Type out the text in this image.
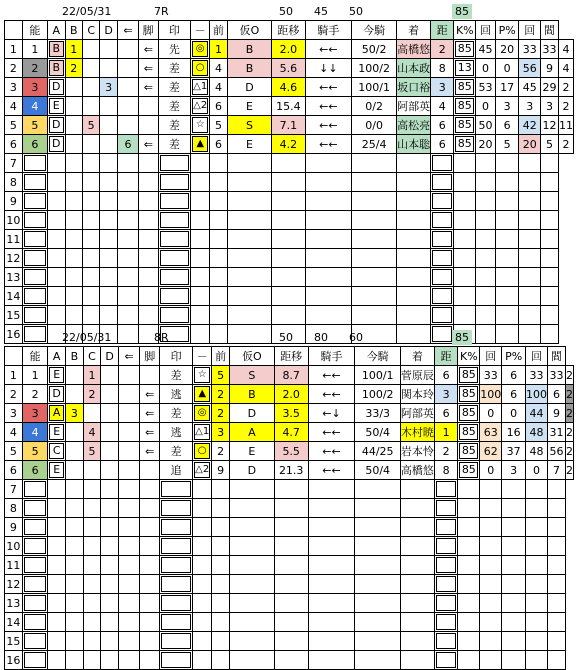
22/05/31	7R	50 45 50	85
	能	A	B	C	D	⇐	脚	印	－	前	仮O	距移	騎手	今騎	着	距	K%	回	P%	回	閻	
1	1	B	1				⇐	先	◎	1	B	2.0	←←	50/2	高橋悠	2	85	45	20	33	33	4
2	2	B	2				⇐	差	○	4	B	5.6	↓↓	100/2	山本政	8	13	0	0	56	9	4
3	3	D			3		⇐	差	△1	4	D	4.6	←←	100/1	坂口裕	3	85	53	17	45	29	2
4	4	E						差	△2	6	E	15.4	←←	0/2	阿部英	4	85	0	3	3	3	2
5	5	D		5				差	☆	5	S	7.1	←←	0/0	高松亮	6	85	50	6	42	12	11
6	6	D				6	⇐	差	▲	6	E	4.2	←←	25/4	山本聡	6	85	20	5	20	5	2
7		

8		

9		

10		

11		

12		

13		

14		

15		

16		

						22/05/31	8R	50 80 60	85
	能	A	B	C	D	⇐	脚	印	－	前	仮O	距移	騎手	今騎	着	距	K%	回	P%	回	閻	
1	1	E		1				差	☆	5	S	8.7	←←	100/1	菅原辰	6	85	33	6	33	33	2
2	2	D		2			⇐	逃	▲	2	B	2.0	←←	100/2	関本玲	3	85	100	6	100	6	2
3	3	A	3				⇐	差	◎	2	D	3.5	←↓	33/3	阿部英	6	85	0	0	44	9	2
4	4	E		4			⇐	逃	△1	3	A	4.7	←←	50/4	木村暁	1	85	63	16	48	31	2
5	5	C		5			⇐	差	○	2	E	5.5	←←	44/25	岩本怜	2	85	62	37	48	56	2
6	6	E						追	△2	9	D	21.3	←←	50/4	高橋悠	8	85	0	3	0	7	2
7		

8		

9		

10		

11		

12		

13		

14		

15		

16		
